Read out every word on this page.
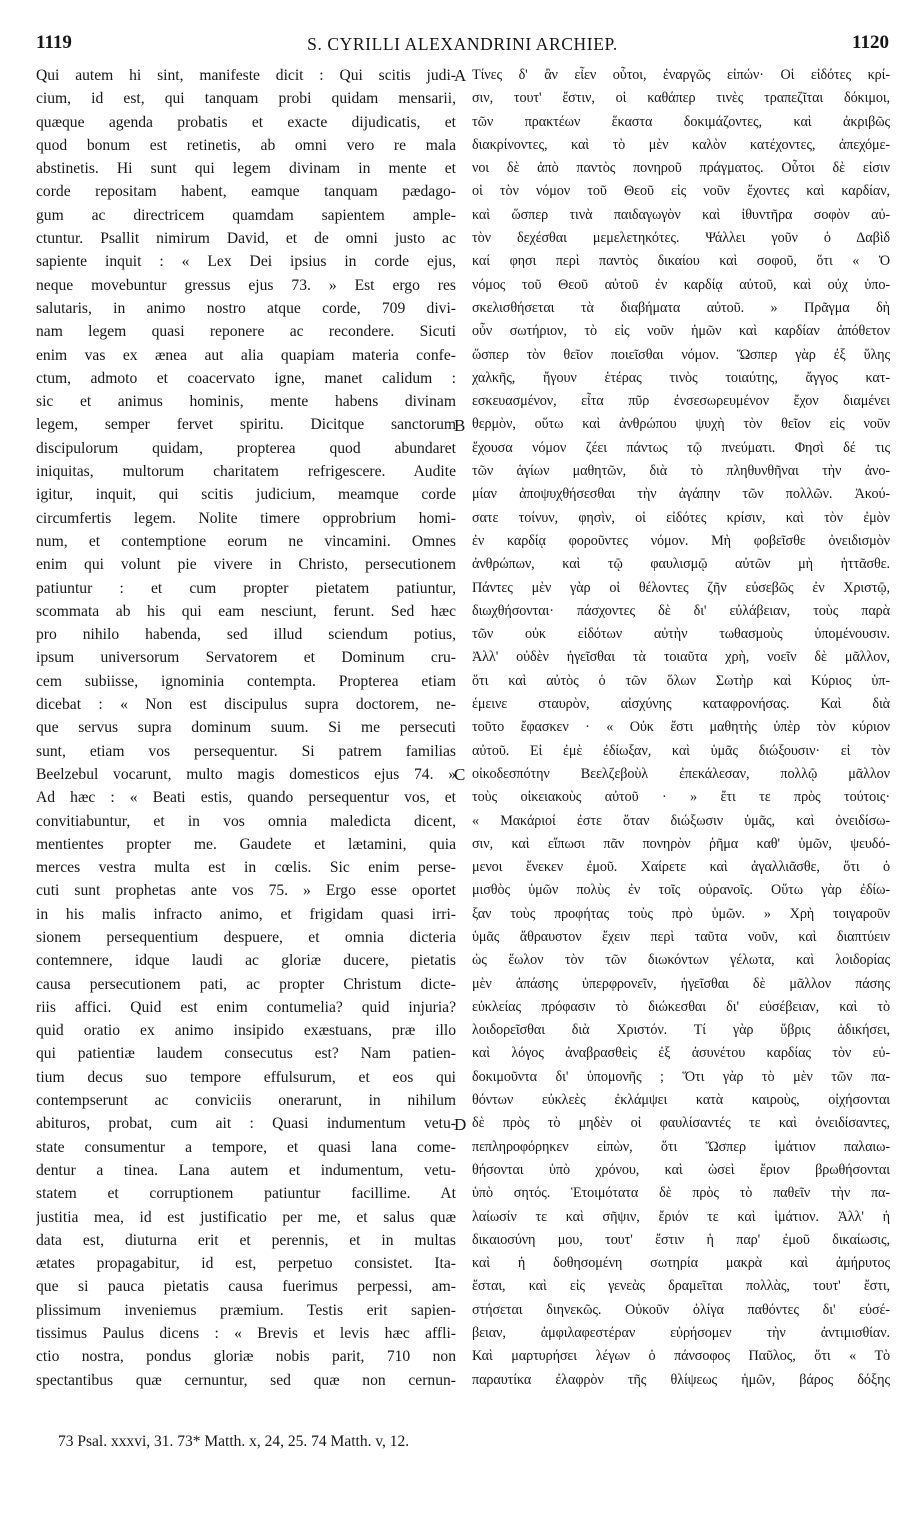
1119	S. CYRILLI ALEXANDRINI ARCHIEP.	1120
Qui autem hi sint, manifeste dicit : Qui scitis judi-
cium, id est, qui tanquam probi quidam mensarii,
quæque agenda probatis et exacte dijudicatis, et
quod bonum est retinetis, ab omni vero re mala
abstinetis. Hi sunt qui legem divinam in mente et
corde repositam habent, eamque tanquam pædago-
gum ac directricem quamdam sapientem ample-
ctuntur. Psallit nimirum David, et de omni justo ac
sapiente inquit : « Lex Dei ipsius in corde ejus,
neque movebuntur gressus ejus 73. » Est ergo res
salutaris, in animo nostro atque corde, 709 divi-
nam legem quasi reponere ac recondere. Sicuti
enim vas ex ænea aut alia quapiam materia confe-
ctum, admoto et coacervato igne, manet calidum :
sic et animus hominis, mente habens divinam
legem, semper fervet spiritu. Dicitque sanctorum
discipulorum quidam, propterea quod abundaret
iniquitas, multorum charitatem refrigescere. Audite
igitur, inquit, qui scitis judicium, meamque corde
circumfertis legem. Nolite timere opprobrium homi-
num, et contemptione eorum ne vincamini. Omnes
enim qui volunt pie vivere in Christo, persecutionem
patiuntur : et cum propter pietatem patiuntur,
scommata ab his qui eam nesciunt, ferunt. Sed hæc
pro nihilo habenda, sed illud sciendum potius,
ipsum universorum Servatorem et Dominum cru-
cem subiisse, ignominia contempta. Propterea etiam
dicebat : « Non est discipulus supra doctorem, ne-
que servus supra dominum suum. Si me persecuti
sunt, etiam vos persequentur. Si patrem familias
Beelzebul vocarunt, multo magis domesticos ejus 74. »
Ad hæc : « Beati estis, quando persequentur vos, et
convitiabuntur, et in vos omnia maledicta dicent,
mentientes propter me. Gaudete et lætamini, quia
merces vestra multa est in cœlis. Sic enim perse-
cuti sunt prophetas ante vos 75. » Ergo esse oportet
in his malis infracto animo, et frigidam quasi irri-
sionem persequentium despuere, et omnia dicteria
contemnere, idque laudi ac gloriæ ducere, pietatis
causa persecutionem pati, ac propter Christum dicte-
riis affici. Quid est enim contumelia? quid injuria?
quid oratio ex animo insipido exæstuans, præ illo
qui patientiæ laudem consecutus est? Nam patien-
tium decus suo tempore effulsurum, et eos qui
contempserunt ac conviciis onerarunt, in nihilum
abituros, probat, cum ait : Quasi indumentum vetu-
state consumentur a tempore, et quasi lana come-
dentur a tinea. Lana autem et indumentum, vetu-
statem et corruptionem patiuntur facillime. At
justitia mea, id est justificatio per me, et salus quæ
data est, diuturna erit et perennis, et in multas
ætates propagabitur, id est, perpetuo consistet. Ita-
que si pauca pietatis causa fuerimus perpessi, am-
plissimum inveniemus præmium. Testis erit sapien-
tissimus Paulus dicens : « Brevis et levis hæc affli-
ctio nostra, pondus gloriæ nobis parit, 710 non
spectantibus quæ cernuntur, sed quæ non cernun-
A
B
C
D
Τίνες δ' ἂν εἶεν οὗτοι, ἐναργῶς εἰπών· Οἱ εἰδότες κρί-
σιν, τουτ' ἔστιν, οἱ καθάπερ τινὲς τραπεζῖται δόκιμοι,
τῶν πρακτέων ἕκαστα δοκιμάζοντες, καὶ ἀκριβῶς
διακρίνοντες, καὶ τὸ μὲν καλὸν κατέχοντες, ἀπεχόμε-
νοι δὲ ἀπὸ παντὸς πονηροῦ πράγματος. Οὗτοι δὲ εἰσιν
οἱ τὸν νόμον τοῦ Θεοῦ εἰς νοῦν ἔχοντες καὶ καρδίαν,
καὶ ὥσπερ τινὰ παιδαγωγὸν καὶ ἰθυντῆρα σοφὸν αὐ-
τὸν δεχέσθαι μεμελετηκότες. Ψάλλει γοῦν ὁ Δαβὶδ
καί φησι περὶ παντὸς δικαίου καὶ σοφοῦ, ὅτι « Ὁ
νόμος τοῦ Θεοῦ αὐτοῦ ἐν καρδίᾳ αὐτοῦ, καὶ οὐχ ὑπο-
σκελισθήσεται τὰ διαβήματα αὐτοῦ. » Πρᾶγμα δὴ
οὖν σωτήριον, τὸ εἰς νοῦν ἡμῶν καὶ καρδίαν ἀπόθετον
ὥσπερ τὸν θεῖον ποιεῖσθαι νόμον. Ὥσπερ γὰρ ἐξ ὕλης
χαλκῆς, ἤγουν ἑτέρας τινὸς τοιαύτης, ἄγγος κατ-
εσκευασμένον, εἶτα πῦρ ἐνσεσωρευμένον ἔχον διαμένει
θερμὸν, οὕτω καὶ ἀνθρώπου ψυχὴ τὸν θεῖον εἰς νοῦν
ἔχουσα νόμον ζέει πάντως τῷ πνεύματι. Φησὶ δέ τις
τῶν ἁγίων μαθητῶν, διὰ τὸ πληθυνθῆναι τὴν ἀνο-
μίαν ἀποψυχθήσεσθαι τὴν ἀγάπην τῶν πολλῶν. Ἀκού-
σατε τοίνυν, φησὶν, οἱ εἰδότες κρίσιν, καὶ τὸν ἐμὸν
ἐν καρδίᾳ φοροῦντες νόμον. Μὴ φοβεῖσθε ὀνειδισμὸν
ἀνθρώπων, καὶ τῷ φαυλισμῷ αὐτῶν μὴ ἡττᾶσθε.
Πάντες μὲν γὰρ οἱ θέλοντες ζῆν εὐσεβῶς ἐν Χριστῷ,
διωχθήσονται· πάσχοντες δὲ δι' εὐλάβειαν, τοὺς παρὰ
τῶν οὐκ εἰδότων αὐτὴν τωθασμοὺς ὑπομένουσιν.
Ἀλλ' οὐδὲν ἡγεῖσθαι τὰ τοιαῦτα χρὴ, νοεῖν δὲ μᾶλλον,
ὅτι καὶ αὐτὸς ὁ τῶν ὅλων Σωτὴρ καὶ Κύριος ὑπ-
έμεινε σταυρὸν, αἰσχύνης καταφρονήσας. Καὶ διὰ
τοῦτο ἔφασκεν · « Οὐκ ἔστι μαθητὴς ὑπὲρ τὸν κύριον
αὐτοῦ. Εἰ ἐμὲ ἐδίωξαν, καὶ ὑμᾶς διώξουσιν· εἰ τὸν
οἰκοδεσπότην Βεελζεβοὺλ ἐπεκάλεσαν, πολλῷ μᾶλλον
τοὺς οἰκειακοὺς αὐτοῦ · » ἔτι τε πρὸς τούτοις·
« Μακάριοί ἐστε ὅταν διώξωσιν ὑμᾶς, καὶ ὀνειδίσω-
σιν, καὶ εἴπωσι πᾶν πονηρὸν ῥῆμα καθ' ὑμῶν, ψευδό-
μενοι ἕνεκεν ἐμοῦ. Χαίρετε καὶ ἀγαλλιᾶσθε, ὅτι ὁ
μισθὸς ὑμῶν πολὺς ἐν τοῖς οὐρανοῖς. Οὕτω γὰρ ἐδίω-
ξαν τοὺς προφήτας τοὺς πρὸ ὑμῶν. » Χρὴ τοιγαροῦν
ὑμᾶς ἄθραυστον ἔχειν περὶ ταῦτα νοῦν, καὶ διαπτύειν
ὡς ἕωλον τὸν τῶν διωκόντων γέλωτα, καὶ λοιδορίας
μὲν ἁπάσης ὑπερφρονεῖν, ἡγεῖσθαι δὲ μᾶλλον πάσης
εὐκλείας πρόφασιν τὸ διώκεσθαι δι' εὐσέβειαν, καὶ τὸ
λοιδορεῖσθαι διὰ Χριστόν. Τί γὰρ ὕβρις ἀδικήσει,
καὶ λόγος ἀναβρασθεὶς ἐξ ἀσυνέτου καρδίας τὸν εὐ-
δοκιμοῦντα δι' ὑπομονῆς ; Ὅτι γὰρ τὸ μὲν τῶν πα-
θόντων εὐκλεὲς ἐκλάμψει κατὰ καιροὺς, οἰχήσονται
δὲ πρὸς τὸ μηδὲν οἱ φαυλίσαντές τε καὶ ὀνειδίσαντες,
πεπληροφόρηκεν εἰπὼν, ὅτι Ὥσπερ ἱμάτιον παλαιω-
θήσονται ὑπὸ χρόνου, καὶ ὡσεὶ ἔριον βρωθήσονται
ὑπὸ σητός. Ἑτοιμότατα δὲ πρὸς τὸ παθεῖν τὴν πα-
λαίωσίν τε καὶ σῆψιν, ἔριόν τε καὶ ἱμάτιον. Ἀλλ' ἡ
δικαιοσύνη μου, τουτ' ἔστιν ἡ παρ' ἐμοῦ δικαίωσις,
καὶ ἡ δοθησομένη σωτηρία μακρὰ καὶ ἀμήρυτος
ἔσται, καὶ εἰς γενεὰς δραμεῖται πολλὰς, τουτ' ἔστι,
στήσεται διηνεκῶς. Οὐκοῦν ὀλίγα παθόντες δι' εὐσέ-
βειαν, ἀμφιλαφεστέραν εὑρήσομεν τὴν ἀντιμισθίαν.
Καὶ μαρτυρήσει λέγων ὁ πάνσοφος Παῦλος, ὅτι « Τὸ
παραυτίκα ἐλαφρὸν τῆς θλίψεως ἡμῶν, βάρος δόξης
73 Psal. xxxvi, 31. 73* Matth. x, 24, 25. 74 Matth. v, 12.
